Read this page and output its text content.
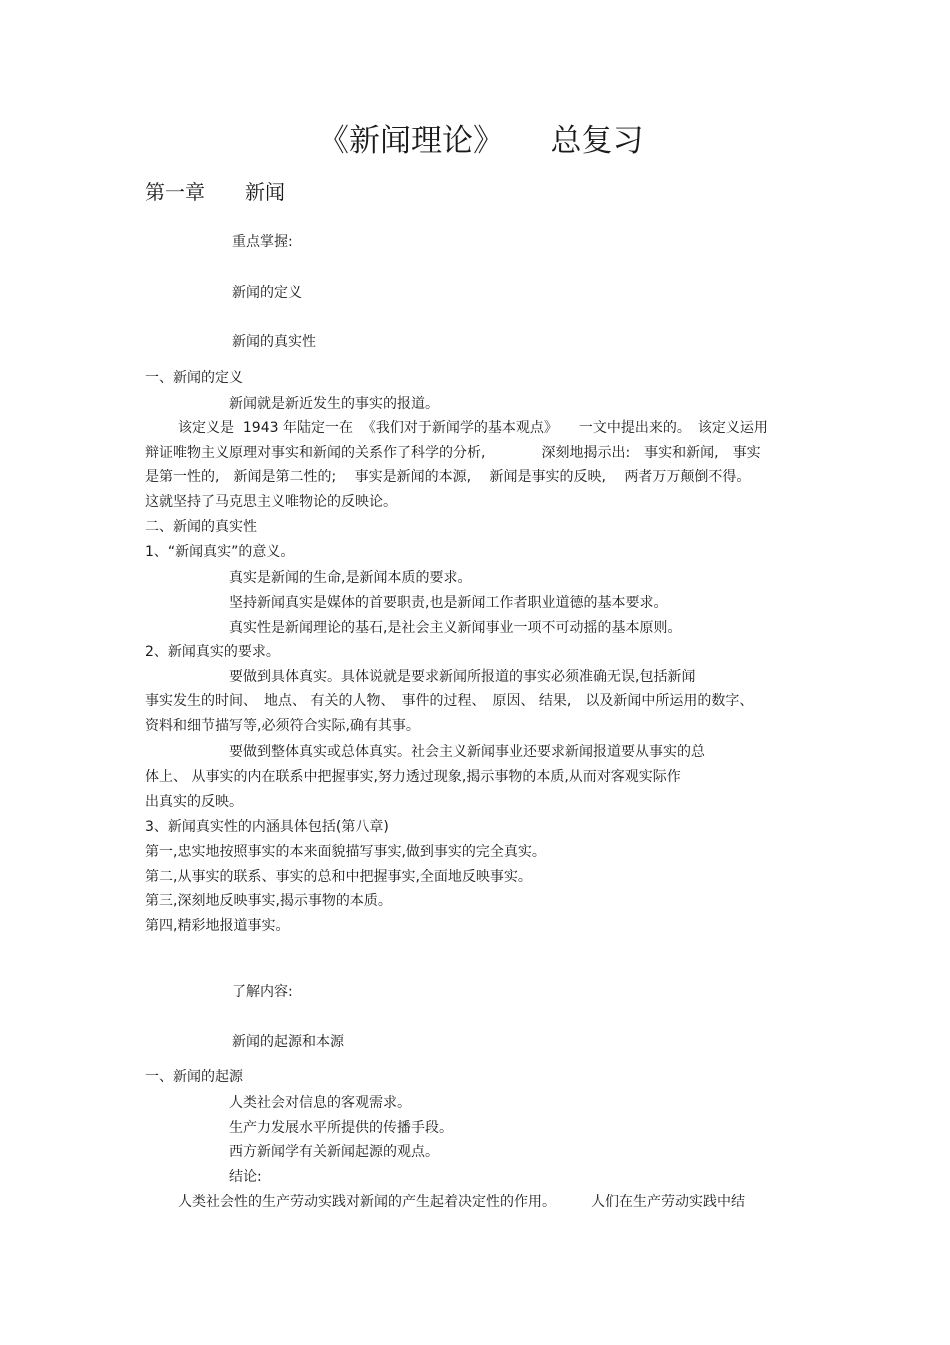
《新闻理论》　　总复习
第一章　　新闻
重点掌握:
新闻的定义
新闻的真实性
一、新闻的定义
新闻就是新近发生的事实的报道。
该定义是  1943 年陆定一在  《我们对于新闻学的基本观点》　　一文中提出来的。　该定义运用
辩证唯物主义原理对事实和新闻的关系作了科学的分析,　　　　深刻地揭示出:　事实和新闻,　事实
是第一性的,　新闻是第二性的;　 事实是新闻的本源,　 新闻是事实的反映,　 两者万万颠倒不得。
这就坚持了马克思主义唯物论的反映论。
二、新闻的真实性
1、“新闻真实”的意义。
真实是新闻的生命,是新闻本质的要求。
坚持新闻真实是媒体的首要职责,也是新闻工作者职业道德的基本要求。
真实性是新闻理论的基石,是社会主义新闻事业一项不可动摇的基本原则。
2、新闻真实的要求。
要做到具体真实。具体说就是要求新闻所报道的事实必须准确无误,包括新闻
事实发生的时间、　地点、 有关的人物、　事件的过程、　原因、 结果,　以及新闻中所运用的数字、
资料和细节描写等,必须符合实际,确有其事。
要做到整体真实或总体真实。社会主义新闻事业还要求新闻报道要从事实的总
体上、 从事实的内在联系中把握事实,努力透过现象,揭示事物的本质,从而对客观实际作
出真实的反映。
3、新闻真实性的内涵具体包括(第八章)
第一,忠实地按照事实的本来面貌描写事实,做到事实的完全真实。
第二,从事实的联系、事实的总和中把握事实,全面地反映事实。
第三,深刻地反映事实,揭示事物的本质。
第四,精彩地报道事实。
了解内容:
新闻的起源和本源
一、新闻的起源
人类社会对信息的客观需求。
生产力发展水平所提供的传播手段。
西方新闻学有关新闻起源的观点。
结论:
人类社会性的生产劳动实践对新闻的产生起着决定性的作用。　　　人们在生产劳动实践中结
